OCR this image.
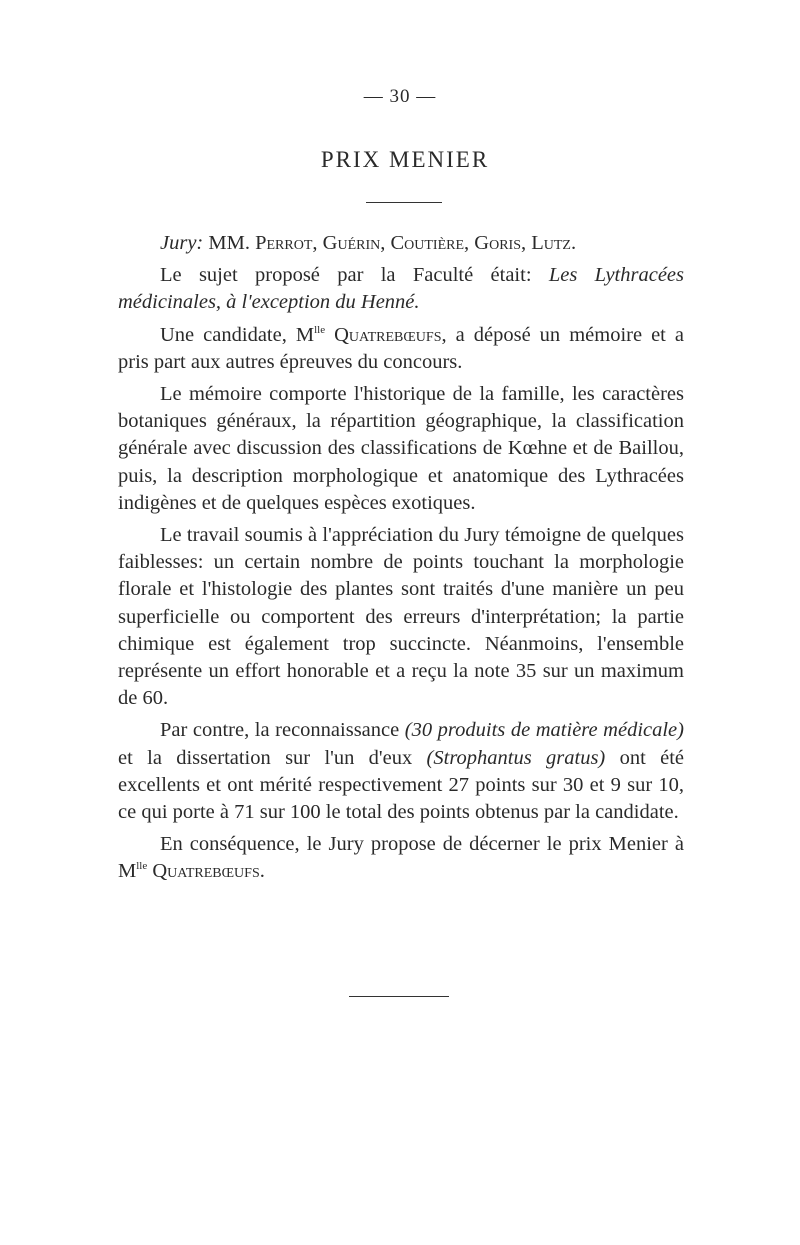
— 30 —
PRIX MENIER

Jury: MM. Perrot, Guérin, Coutière, Goris, Lutz.

Le sujet proposé par la Faculté était: Les Lythracées médicinales, à l'exception du Henné.

Une candidate, $M^{lle}$ Quatrebœufs, a déposé un mémoire et a pris part aux autres épreuves du concours.

Le mémoire comporte l'historique de la famille, les caractères botaniques généraux, la répartition géographique, la classification générale avec discussion des classifications de Kœhne et de Baillou, puis, la description morphologique et anatomique des Lythracées indigènes et de quelques espèces exotiques.

Le travail soumis à l'appréciation du Jury témoigne de quelques faiblesses: un certain nombre de points touchant la morphologie florale et l'histologie des plantes sont traités d'une manière un peu superficielle ou comportent des erreurs d'interprétation; la partie chimique est également trop succincte. Néanmoins, l'ensemble représente un effort honorable et a reçu la note 35 sur un maximum de 60.

Par contre, la reconnaissance (30 produits de matière médicale) et la dissertation sur l'un d'eux (Strophantus gratus) ont été excellents et ont mérité respectivement 27 points sur 30 et 9 sur 10, ce qui porte à 71 sur 100 le total des points obtenus par la candidate.

En conséquence, le Jury propose de décerner le prix Menier à $M^{lle}$ Quatrebœufs.
